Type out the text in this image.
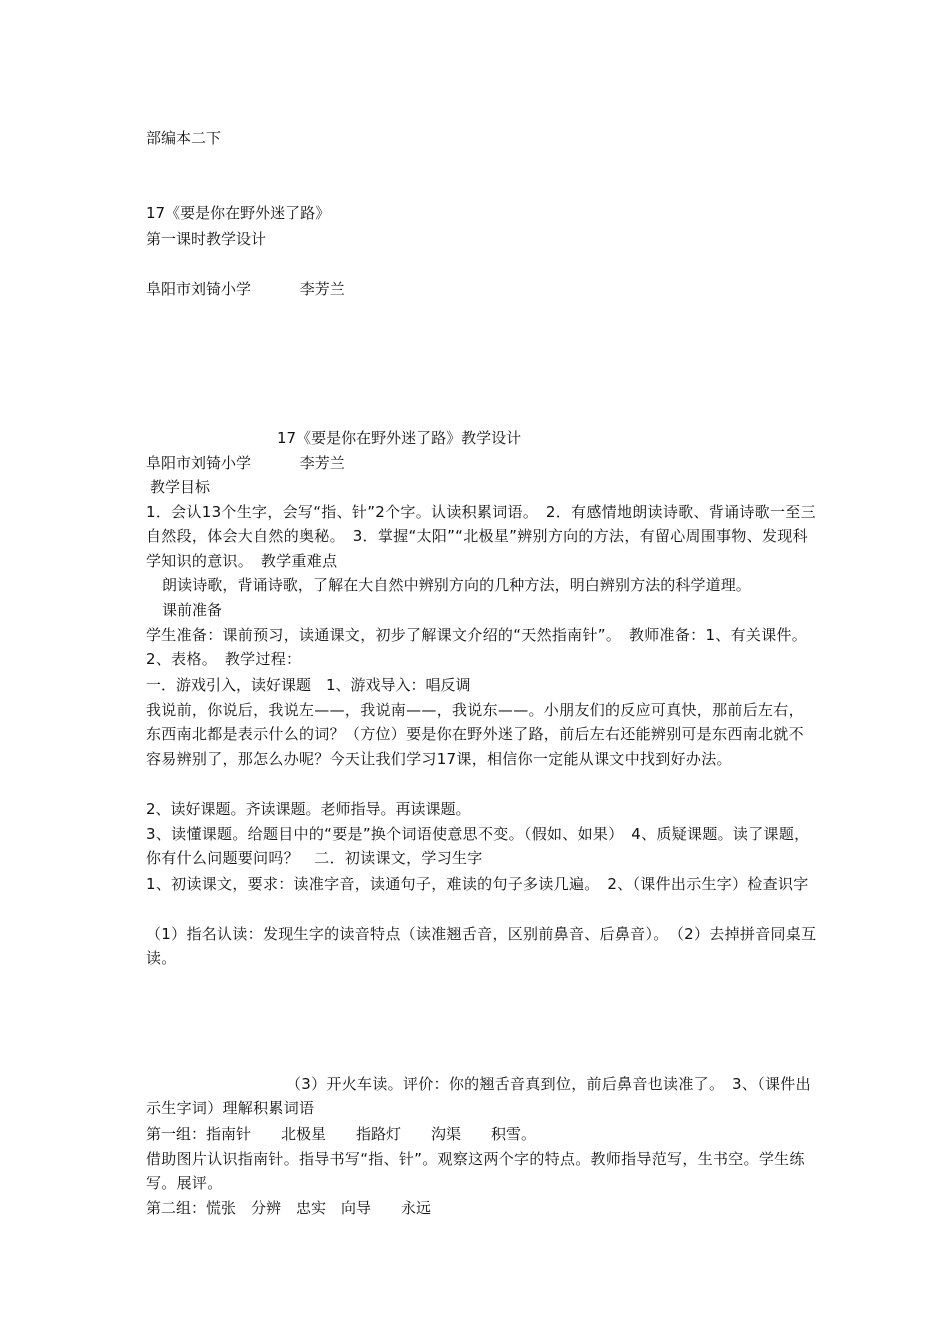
部编本二下
17《要是你在野外迷了路》
第一课时教学设计
阜阳市刘锜小学	李芳兰
17《要是你在野外迷了路》教学设计
阜阳市刘锜小学	李芳兰
教学目标
1．会认13个生字，会写“指、针”2个字。认读积累词语。　2．有感情地朗读诗歌、背诵诗歌一至三自然段，体会大自然的奥秘。　3．掌握“太阳”“北极星”辨别方向的方法，有留心周围事物、发现科学知识的意识。　教学重难点
朗读诗歌，背诵诗歌，了解在大自然中辨别方向的几种方法，明白辨别方法的科学道理。
课前准备
学生准备：课前预习，读通课文，初步了解课文介绍的“天然指南针”。　教师准备：1、有关课件。2、表格。　教学过程：
一．游戏引入，读好课题　1、游戏导入：唱反调
我说前，你说后，我说左——，我说南——，我说东——。小朋友们的反应可真快，那前后左右，东西南北都是表示什么的词？（方位）要是你在野外迷了路，前后左右还能辨别可是东西南北就不容易辨别了，那怎么办呢？今天让我们学习17课，相信你一定能从课文中找到好办法。
2、读好课题。齐读课题。老师指导。再读课题。
3、读懂课题。给题目中的“要是”换个词语使意思不变。（假如、如果）　4、质疑课题。读了课题，你有什么问题要问吗？　二．初读课文，学习生字
1、初读课文，要求：读准字音，读通句子，难读的句子多读几遍。　2、（课件出示生字）检查识字
（1）指名认读：发现生字的读音特点（读准翘舌音，区别前鼻音、后鼻音）。　（2）去掉拼音同桌互读。
（3）开火车读。评价：你的翘舌音真到位，前后鼻音也读准了。　3、（课件出示生字词）理解积累词语
第一组：指南针　　北极星　　指路灯　　沟渠　　积雪。
借助图片认识指南针。指导书写“指、针”。观察这两个字的特点。教师指导范写，生书空。学生练写。展评。
第二组：慌张　分辨　忠实　向导　　永远
